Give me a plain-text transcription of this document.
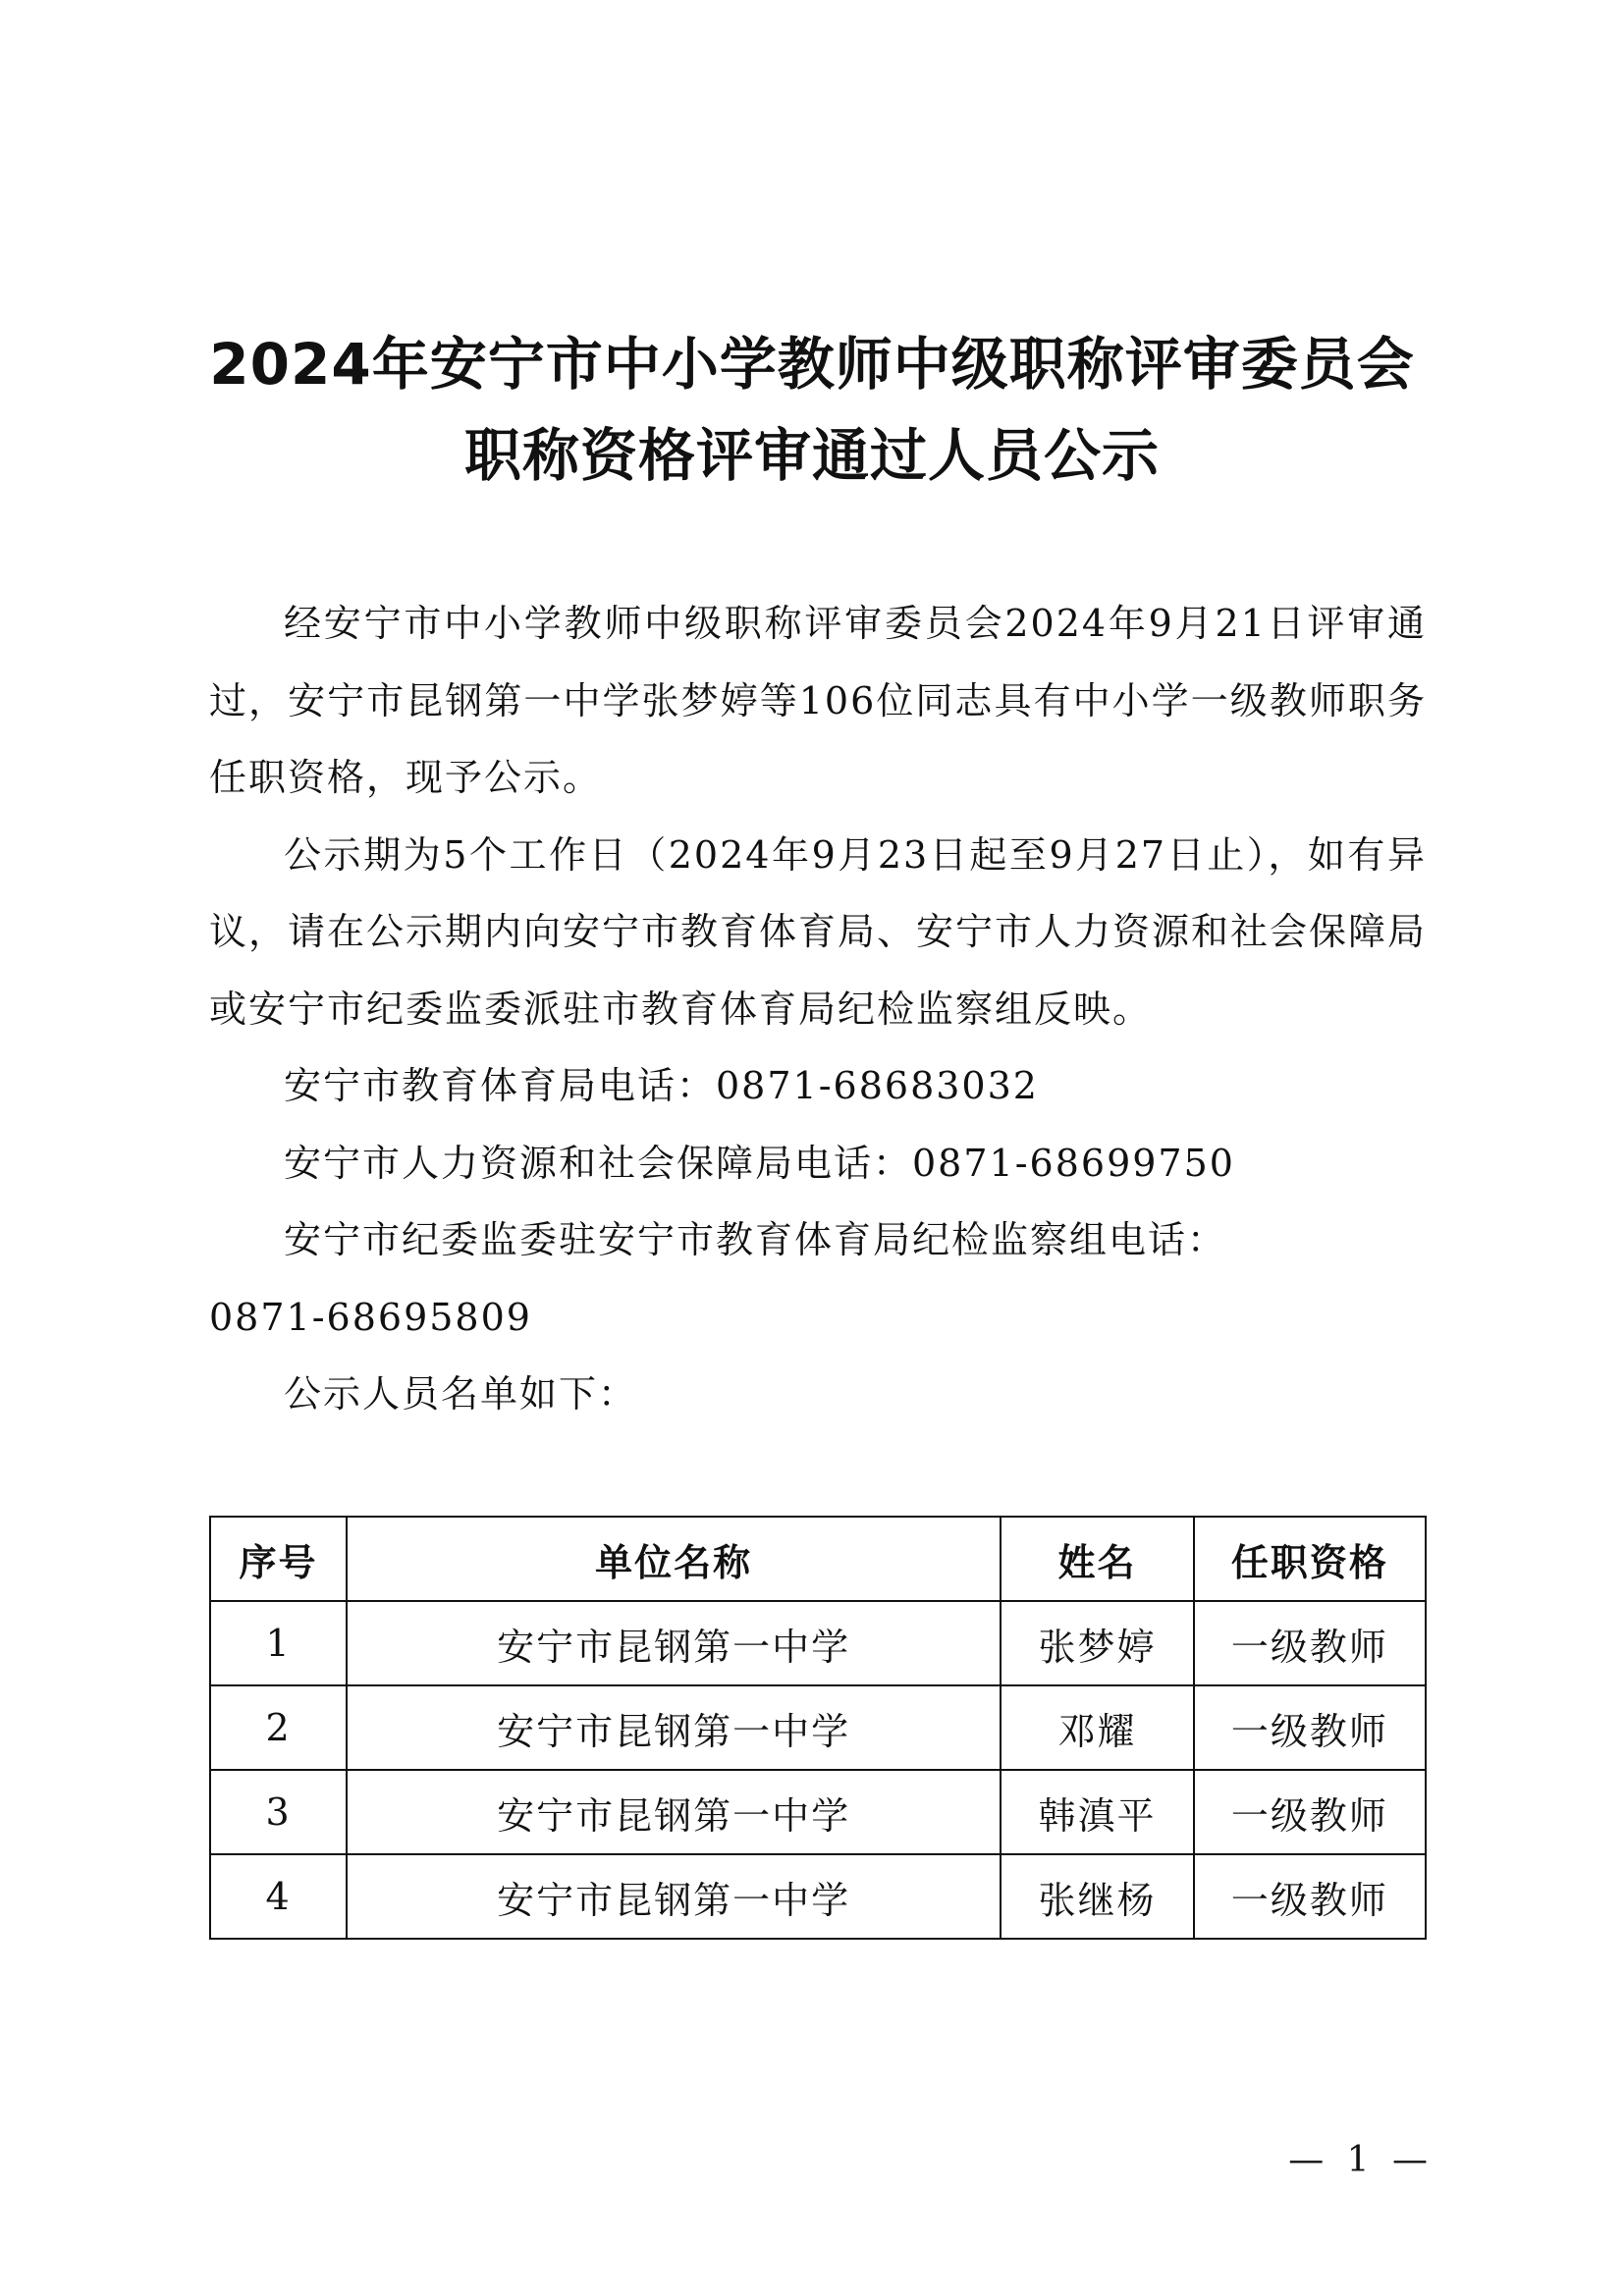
2024年安宁市中小学教师中级职称评审委员会
职称资格评审通过人员公示

经安宁市中小学教师中级职称评审委员会2024年9月21日评审通过，安宁市昆钢第一中学张梦婷等106位同志具有中小学一级教师职务任职资格，现予公示。

公示期为5个工作日（2024年9月23日起至9月27日止），如有异议，请在公示期内向安宁市教育体育局、安宁市人力资源和社会保障局或安宁市纪委监委派驻市教育体育局纪检监察组反映。

安宁市教育体育局电话：0871-68683032

安宁市人力资源和社会保障局电话：0871-68699750

安宁市纪委监委驻安宁市教育体育局纪检监察组电话：

0871-68695809

公示人员名单如下：

序号	单位名称	姓名	任职资格
1	安宁市昆钢第一中学	张梦婷	一级教师
2	安宁市昆钢第一中学	邓耀	一级教师
3	安宁市昆钢第一中学	韩滇平	一级教师
4	安宁市昆钢第一中学	张继杨	一级教师
— 1 —
